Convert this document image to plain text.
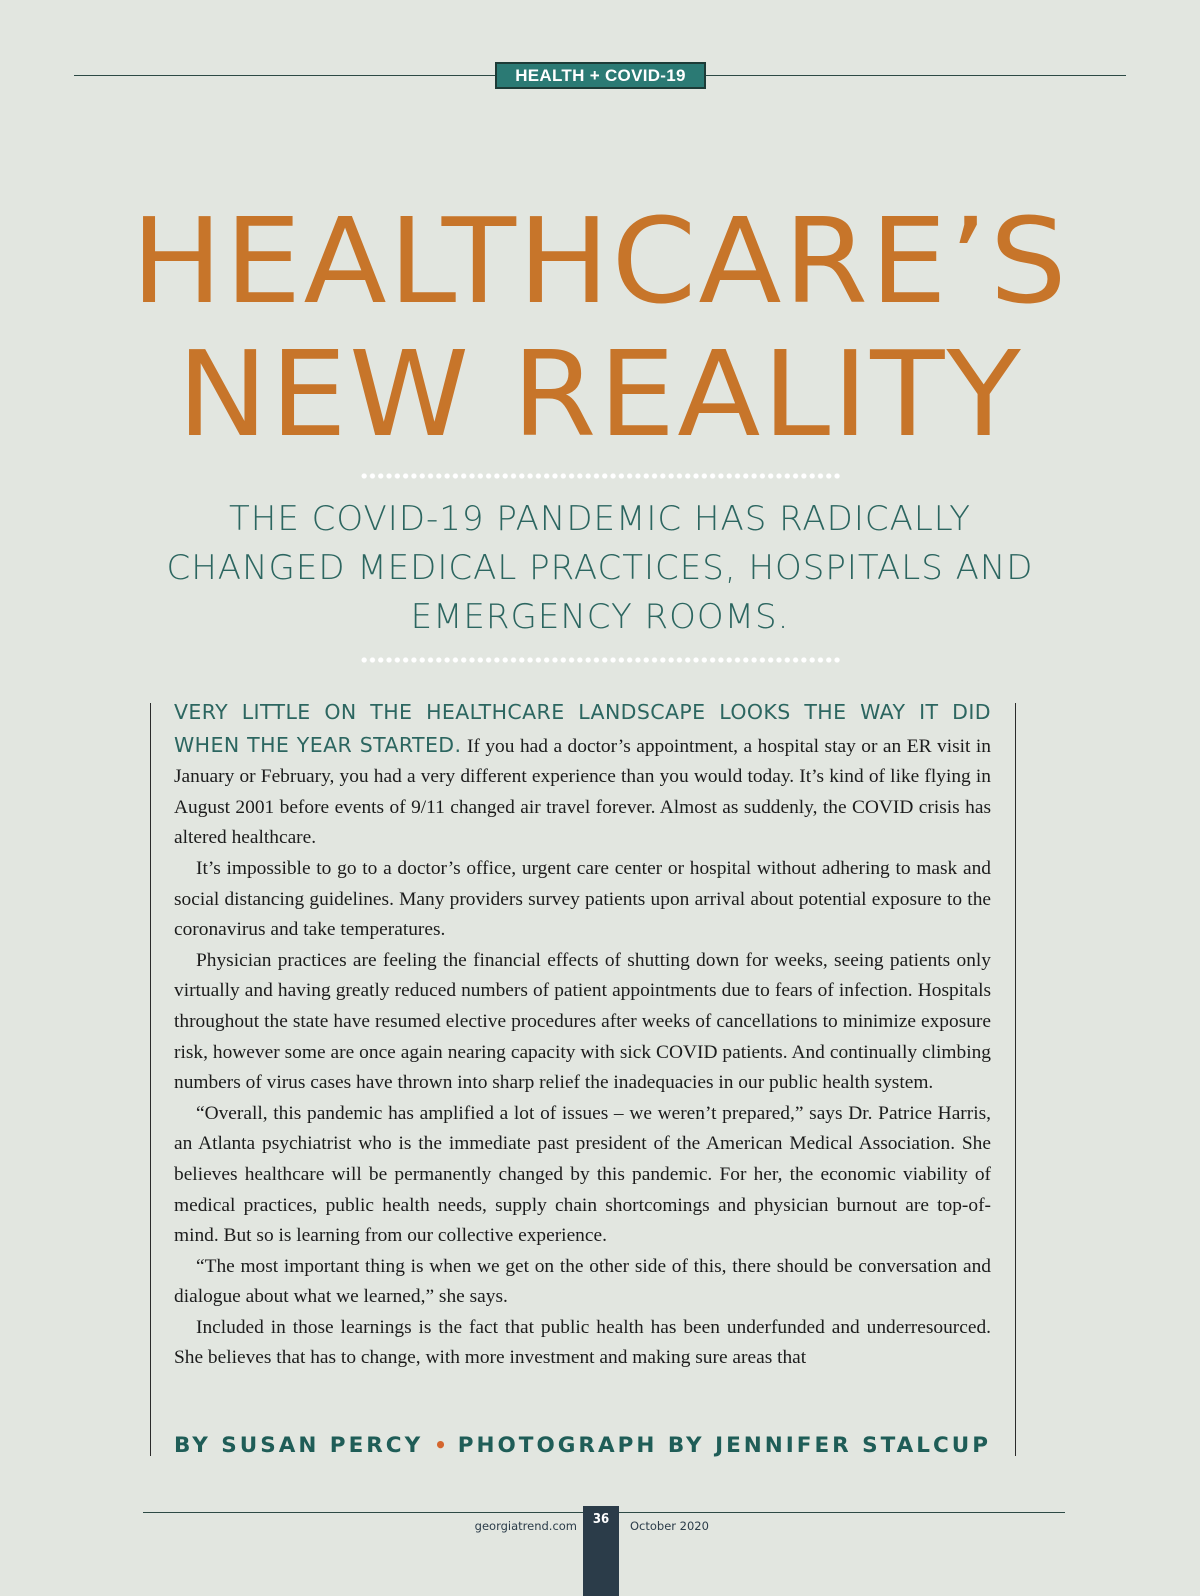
HEALTH + COVID-19
HEALTHCARE’S
NEW REALITY
THE COVID-19 PANDEMIC HAS RADICALLY CHANGED MEDICAL PRACTICES, HOSPITALS AND EMERGENCY ROOMS.

VERY LITTLE ON THE HEALTHCARE LANDSCAPE LOOKS THE WAY IT DID WHEN THE YEAR STARTED. If you had a doctor’s appointment, a hospital stay or an ER visit in January or February, you had a very different experience than you would today. It’s kind of like flying in August 2001 before events of 9/11 changed air travel forever. Almost as suddenly, the COVID crisis has altered healthcare.

It’s impossible to go to a doctor’s office, urgent care center or hospital without adhering to mask and social distancing guidelines. Many providers survey patients upon arrival about potential exposure to the coronavirus and take temperatures.

Physician practices are feeling the financial effects of shutting down for weeks, seeing patients only virtually and having greatly reduced numbers of patient appointments due to fears of infection. Hospitals throughout the state have resumed elective procedures after weeks of cancellations to minimize exposure risk, however some are once again nearing capacity with sick COVID patients. And continually climbing numbers of virus cases have thrown into sharp relief the inadequacies in our public health system.

“Overall, this pandemic has amplified a lot of issues – we weren’t prepared,” says Dr. Patrice Harris, an Atlanta psychiatrist who is the immediate past president of the American Medical Association. She believes healthcare will be permanently changed by this pandemic. For her, the economic viability of medical practices, public health needs, supply chain shortcomings and physician burnout are top-of-mind. But so is learning from our collective experience.

“The most important thing is when we get on the other side of this, there should be conversation and dialogue about what we learned,” she says.

Included in those learnings is the fact that public health has been underfunded and underresourced. She believes that has to change, with more investment and making sure areas that

BY SUSAN PERCY • PHOTOGRAPH BY JENNIFER STALCUP
georgiatrend.com	36	October 2020
